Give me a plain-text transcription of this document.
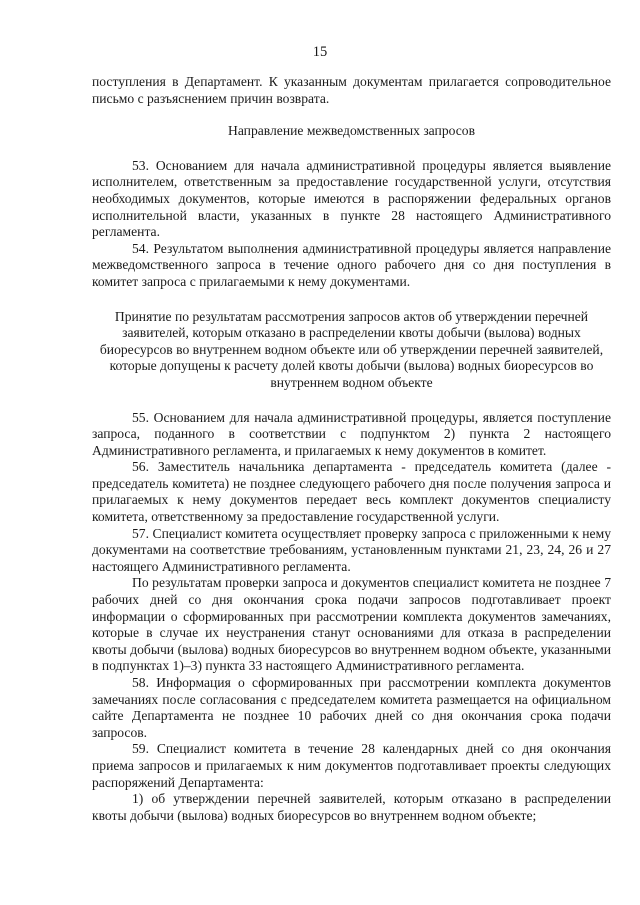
15

поступления в Департамент. К указанным документам прилагается сопроводительное письмо с разъяснением причин возврата.

Направление межведомственных запросов

53. Основанием для начала административной процедуры является выявление исполнителем, ответственным за предоставление государственной услуги, отсутствия необходимых документов, которые имеются в распоряжении федеральных органов исполнительной власти, указанных в пункте 28 настоящего Административного регламента.

54. Результатом выполнения административной процедуры является направление межведомственного запроса в течение одного рабочего дня со дня поступления в комитет запроса с прилагаемыми к нему документами.

Принятие по результатам рассмотрения запросов актов об утверждении перечней заявителей, которым отказано в распределении квоты добычи (вылова) водных биоресурсов во внутреннем водном объекте или об утверждении перечней заявителей, которые допущены к расчету долей квоты добычи (вылова) водных биоресурсов во внутреннем водном объекте

55. Основанием для начала административной процедуры, является поступление запроса, поданного в соответствии с подпунктом 2) пункта 2 настоящего Административного регламента, и прилагаемых к нему документов в комитет.

56. Заместитель начальника департамента - председатель комитета (далее - председатель комитета) не позднее следующего рабочего дня после получения запроса и прилагаемых к нему документов передает весь комплект документов специалисту комитета, ответственному за предоставление государственной услуги.

57. Специалист комитета осуществляет проверку запроса с приложенными к нему документами на соответствие требованиям, установленным пунктами 21, 23, 24, 26 и 27 настоящего Административного регламента.

По результатам проверки запроса и документов специалист комитета не позднее 7 рабочих дней со дня окончания срока подачи запросов подготавливает проект информации о сформированных при рассмотрении комплекта документов замечаниях, которые в случае их неустранения станут основаниями для отказа в распределении квоты добычи (вылова) водных биоресурсов во внутреннем водном объекте, указанными в подпунктах 1)–3) пункта 33 настоящего Административного регламента.

58. Информация о сформированных при рассмотрении комплекта документов замечаниях после согласования с председателем комитета размещается на официальном сайте Департамента не позднее 10 рабочих дней со дня окончания срока подачи запросов.

59. Специалист комитета в течение 28 календарных дней со дня окончания приема запросов и прилагаемых к ним документов подготавливает проекты следующих распоряжений Департамента:

1) об утверждении перечней заявителей, которым отказано в распределении квоты добычи (вылова) водных биоресурсов во внутреннем водном объекте;
